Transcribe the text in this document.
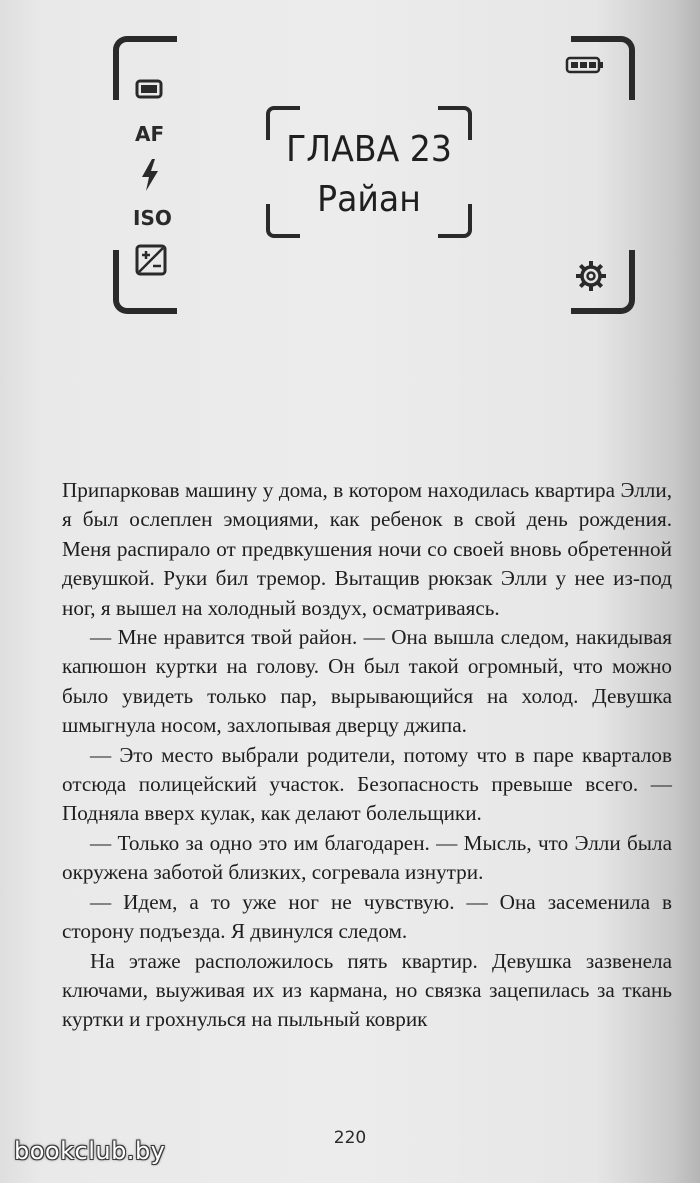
AF
ISO
ГЛАВА 23
Райан

Припарковав машину у дома, в котором находилась квартира Элли, я был ослеплен эмоциями, как ребенок в свой день рождения. Меня распирало от предвкушения ночи со своей вновь обретенной девушкой. Руки бил тремор. Вытащив рюкзак Элли у нее из-под ног, я вышел на холодный воздух, осматриваясь.

— Мне нравится твой район. — Она вышла следом, накидывая капюшон куртки на голову. Он был такой огромный, что можно было увидеть только пар, вырывающийся на холод. Девушка шмыгнула носом, захлопывая дверцу джипа.

— Это место выбрали родители, потому что в паре кварталов отсюда полицейский участок. Безопасность превыше всего. — Подняла вверх кулак, как делают болельщики.

— Только за одно это им благодарен. — Мысль, что Элли была окружена заботой близких, согревала изнутри.

— Идем, а то уже ног не чувствую. — Она засеменила в сторону подъезда. Я двинулся следом.

На этаже расположилось пять квартир. Девушка зазвенела ключами, выуживая их из кармана, но связка зацепилась за ткань куртки и грохнулься на пыльный коврик

220
bookclub.by
